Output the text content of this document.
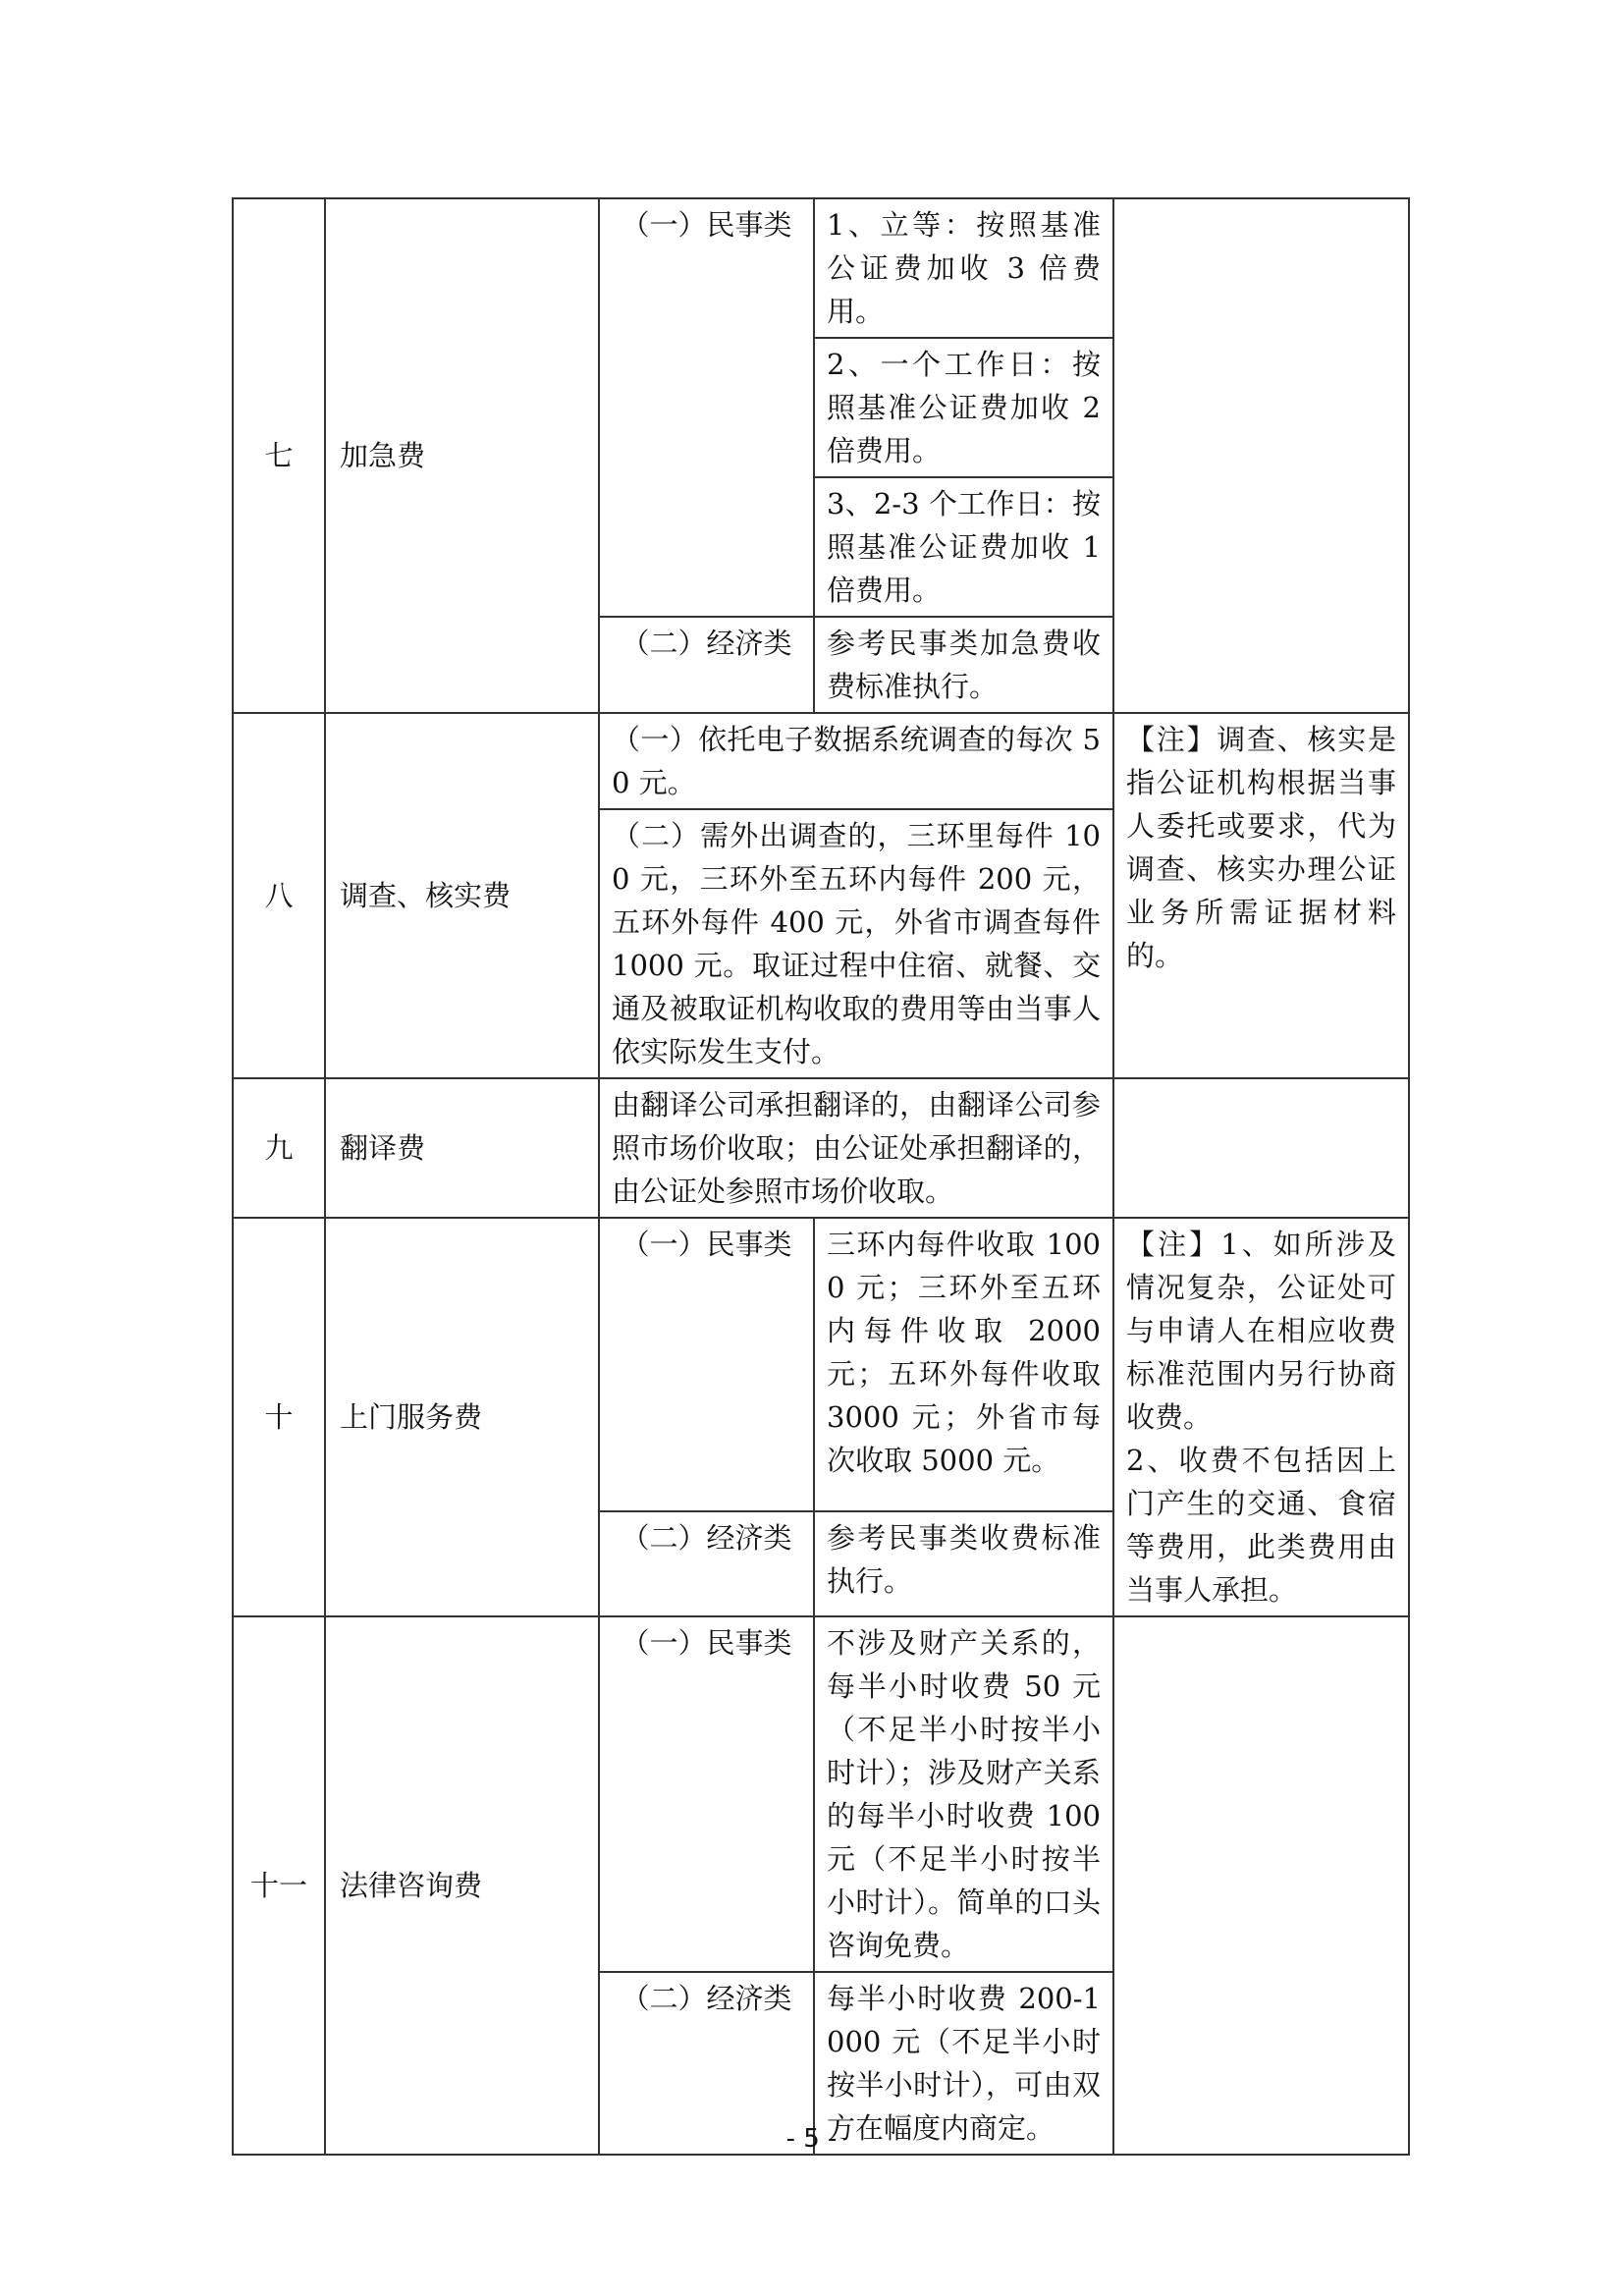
七	加急费	（一）民事类	1、立等：按照基准公证费加收 3 倍费用。	
			2、一个工作日：按照基准公证费加收 2 倍费用。	
			3、2-3 个工作日：按照基准公证费加收 1 倍费用。	
		（二）经济类	参考民事类加急费收费标准执行。	
八	调查、核实费	（一）依托电子数据系统调查的每次 50 元。		【注】调查、核实是指公证机构根据当事人委托或要求，代为调查、核实办理公证业务所需证据材料的。
		（二）需外出调查的，三环里每件 100 元，三环外至五环内每件 200 元，五环外每件 400 元，外省市调查每件 1000 元。取证过程中住宿、就餐、交通及被取证机构收取的费用等由当事人依实际发生支付。		
九	翻译费	由翻译公司承担翻译的，由翻译公司参照市场价收取；由公证处承担翻译的，由公证处参照市场价收取。		
十	上门服务费	（一）民事类	三环内每件收取 1000 元；三环外至五环内每件收取 2000 元；五环外每件收取 3000 元；外省市每次收取 5000 元。	【注】1、如所涉及情况复杂，公证处可与申请人在相应收费标准范围内另行协商收费。
2、收费不包括因上门产生的交通、食宿等费用，此类费用由当事人承担。

		（二）经济类	参考民事类收费标准执行。	
十一	法律咨询费	（一）民事类	不涉及财产关系的，每半小时收费 50 元（不足半小时按半小时计）；涉及财产关系的每半小时收费 100 元（不足半小时按半小时计）。简单的口头咨询免费。	
		（二）经济类	每半小时收费 200-1000 元（不足半小时按半小时计），可由双方在幅度内商定。	
- 5 -
